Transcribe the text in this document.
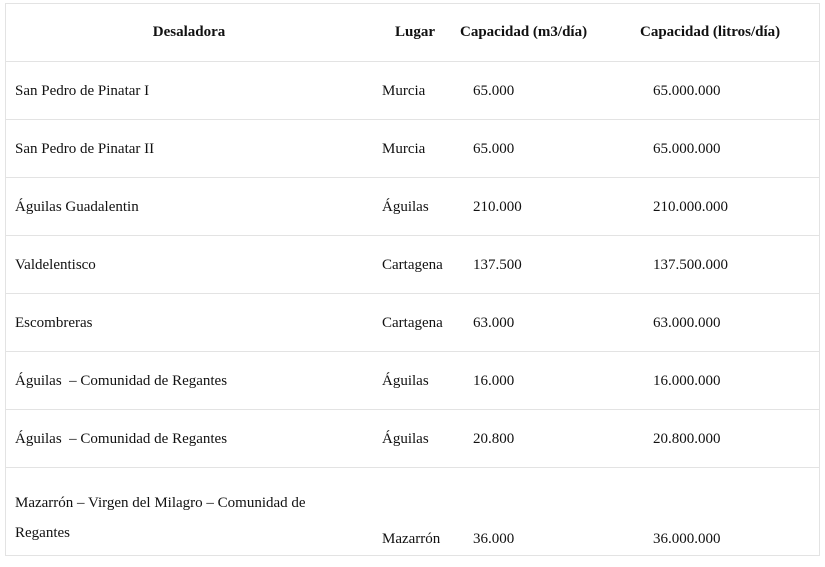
Desaladora	Lugar	Capacidad (m3/día)	Capacidad (litros/día)
San Pedro de Pinatar I	Murcia	65.000	65.000.000
San Pedro de Pinatar II	Murcia	65.000	65.000.000
Águilas Guadalentin	Águilas	210.000	210.000.000
Valdelentisco	Cartagena	137.500	137.500.000
Escombreras	Cartagena	63.000	63.000.000
Águilas  – Comunidad de Regantes	Águilas	16.000	16.000.000
Águilas  – Comunidad de Regantes	Águilas	20.800	20.800.000
Mazarrón – Virgen del Milagro – Comunidad de Regantes	Mazarrón	36.000	36.000.000
